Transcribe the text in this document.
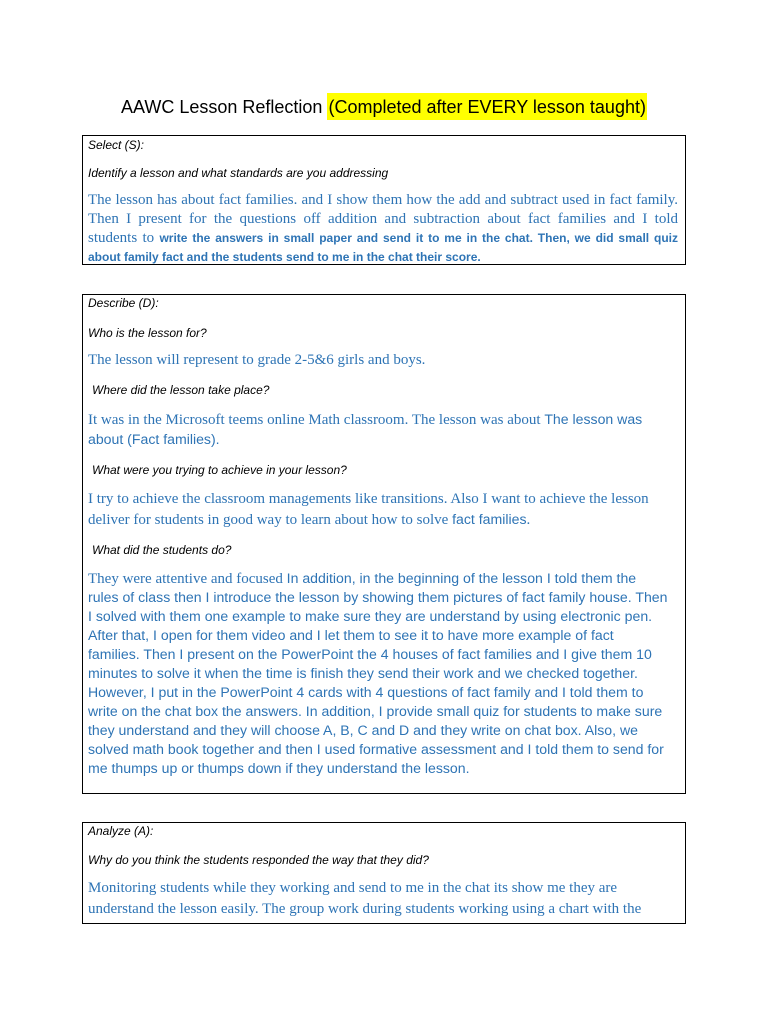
AAWC Lesson Reflection (Completed after EVERY lesson taught)
Select (S):
Identify a lesson and what standards are you addressing
The lesson has about fact families. and I show them how the add and subtract used in fact family.
Then I present for the questions off addition and subtraction about fact families and I told
students to write the answers in small paper and send it to me in the chat. Then, we did small quiz
about family fact and the students send to me in the chat their score.
Describe (D):
Who is the lesson for?
The lesson will represent to grade 2-5&6 girls and boys.
Where did the lesson take place?
It was in the Microsoft teems online Math classroom. The lesson was about The lesson was
about (Fact families).
What were you trying to achieve in your lesson?
I try to achieve the classroom managements like transitions. Also I want to achieve the lesson
deliver for students in good way to learn about how to solve fact families.
What did the students do?
They were attentive and focused In addition, in the beginning of the lesson I told them the
rules of class then I introduce the lesson by showing them pictures of fact family house. Then
I solved with them one example to make sure they are understand by using electronic pen.
After that, I open for them video and I let them to see it to have more example of fact
families. Then I present on the PowerPoint the 4 houses of fact families and I give them 10
minutes to solve it when the time is finish they send their work and we checked together.
However, I put in the PowerPoint 4 cards with 4 questions of fact family and I told them to
write on the chat box the answers. In addition, I provide small quiz for students to make sure
they understand and they will choose A, B, C and D and they write on chat box. Also, we
solved math book together and then I used formative assessment and I told them to send for
me thumps up or thumps down if they understand the lesson.
Analyze (A):
Why do you think the students responded the way that they did?
Monitoring students while they working and send to me in the chat its show me they are
understand the lesson easily. The group work during students working using a chart with the
